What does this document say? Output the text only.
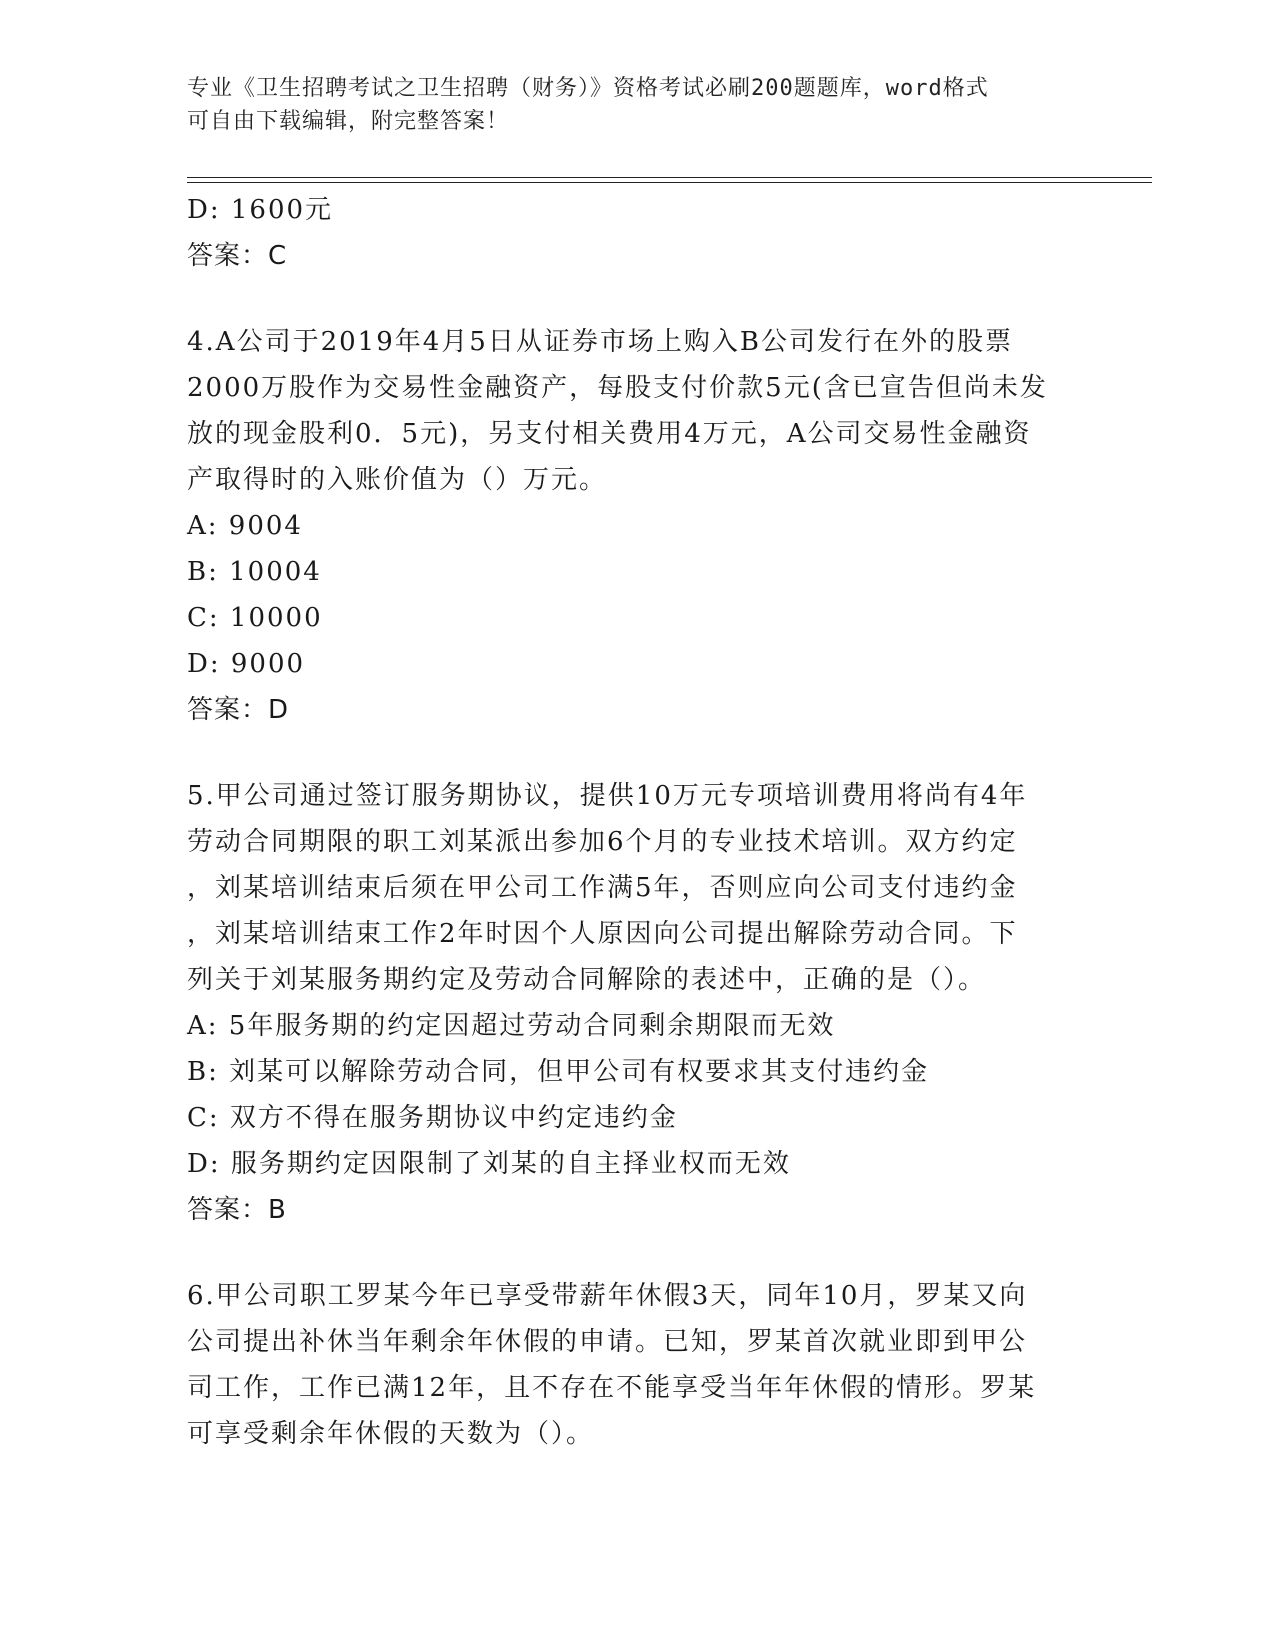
专业《卫生招聘考试之卫生招聘（财务）》资格考试必刷200题题库，word格式
可自由下载编辑，附完整答案！
D: 1600元
答案：C
4.A公司于2019年4月5日从证券市场上购入B公司发行在外的股票
2000万股作为交易性金融资产，每股支付价款5元(含已宣告但尚未发
放的现金股利0．5元)，另支付相关费用4万元，A公司交易性金融资
产取得时的入账价值为（）万元。
A: 9004
B: 10004
C: 10000
D: 9000
答案：D
5.甲公司通过签订服务期协议，提供10万元专项培训费用将尚有4年
劳动合同期限的职工刘某派出参加6个月的专业技术培训。双方约定
，刘某培训结束后须在甲公司工作满5年，否则应向公司支付违约金
，刘某培训结束工作2年时因个人原因向公司提出解除劳动合同。下
列关于刘某服务期约定及劳动合同解除的表述中，正确的是（）。
A: 5年服务期的约定因超过劳动合同剩余期限而无效
B: 刘某可以解除劳动合同，但甲公司有权要求其支付违约金
C: 双方不得在服务期协议中约定违约金
D: 服务期约定因限制了刘某的自主择业权而无效
答案：B
6.甲公司职工罗某今年已享受带薪年休假3天，同年10月，罗某又向
公司提出补休当年剩余年休假的申请。已知，罗某首次就业即到甲公
司工作，工作已满12年，且不存在不能享受当年年休假的情形。罗某
可享受剩余年休假的天数为（）。
